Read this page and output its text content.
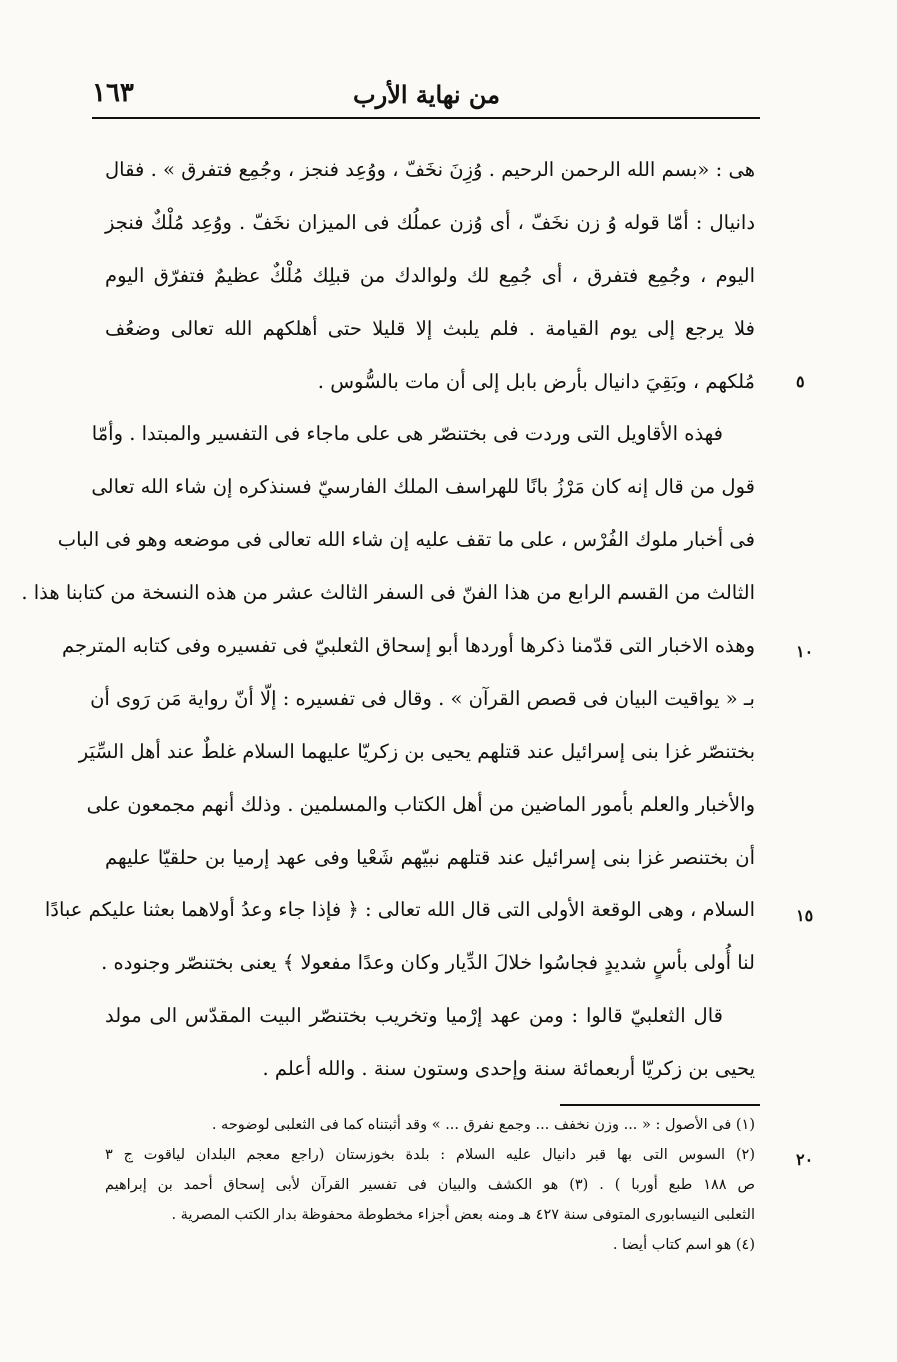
من نهاية الأرب
١٦٣
هى : «بسم الله الرحمن الرحيم . وُزِنَ نخَفّ ، ووُعِد فنجز ، وجُمِع فتفرق » . فقال
دانيال : أمّا قوله وُ زن نخَفّ ، أى وُزن عملُك فى الميزان نخَفّ . ووُعِد مُلْكٌ فنجز
اليوم ، وجُمِع فتفرق ، أى جُمِع لك ولوالدك من قبلِك مُلْكٌ عظيمٌ فتفرّق اليوم
فلا يرجع إلى يوم القيامة . فلم يلبث إلا قليلا حتى أهلكهم الله تعالى وضعُف
مُلكهم ، وبَقِيَ دانيال بأرض بابل إلى أن مات بالسُّوس .
فهذه الأقاويل التى وردت فى بختنصّر هى على ماجاء فى التفسير والمبتدا . وأمّا
قول من قال إنه كان مَرْزُ بانًا للهراسف الملك الفارسيّ فسنذكره إن شاء الله تعالى
فى أخبار ملوك الفُرْس ، على ما تقف عليه إن شاء الله تعالى فى موضعه وهو فى الباب
الثالث من القسم الرابع من هذا الفنّ فى السفر الثالث عشر من هذه النسخة من كتابنا هذا .
وهذه الاخبار التى قدّمنا ذكرها أوردها أبو إسحاق الثعلبيّ فى تفسيره وفى كتابه المترجم
بـ « يواقيت البيان فى قصص القرآن » . وقال فى تفسيره : إلّا أنّ رواية مَن رَوى أن
بختنصّر غزا بنى إسرائيل عند قتلهم يحيى بن زكريّا عليهما السلام غلطٌ عند أهل السِّيَر
والأخبار والعلم بأمور الماضين من أهل الكتاب والمسلمين . وذلك أنهم مجمعون على
أن بختنصر غزا بنى إسرائيل عند قتلهم نبيّهم شَعْيا وفى عهد إرميا بن حلقيّا عليهم
السلام ، وهى الوقعة الأولى التى قال الله تعالى : ﴿ فإذا جاء وعدُ أولاهما بعثنا عليكم عبادًا
لنا أُولى بأسٍ شديدٍ فجاسُوا خلالَ الدِّيار وكان وعدًا مفعولا ﴾ يعنى بختنصّر وجنوده .
قال الثعلبيّ قالوا : ومن عهد إرْميا وتخريب بختنصّر البيت المقدّس الى مولد
يحيى بن زكريّا أربعمائة سنة وإحدى وستون سنة . والله أعلم .
٥
١٠
١٥
٢٠
(١) فى الأصول : « ... وزن نخفف ... وجمع نفرق ... » وقد أثبتناه كما فى الثعلبى لوضوحه .
(٢) السوس التى بها قبر دانيال عليه السلام : بلدة بخوزستان (راجع معجم البلدان لياقوت ج ٣
ص ١٨٨ طبع أوربا ) . (٣) هو الكشف والبيان فى تفسير القرآن لأبى إسحاق أحمد بن إبراهيم
الثعلبى النيسابورى المتوفى سنة ٤٢٧ هـ ومنه بعض أجزاء مخطوطة محفوظة بدار الكتب المصرية .
(٤) هو اسم كتاب أيضا .
